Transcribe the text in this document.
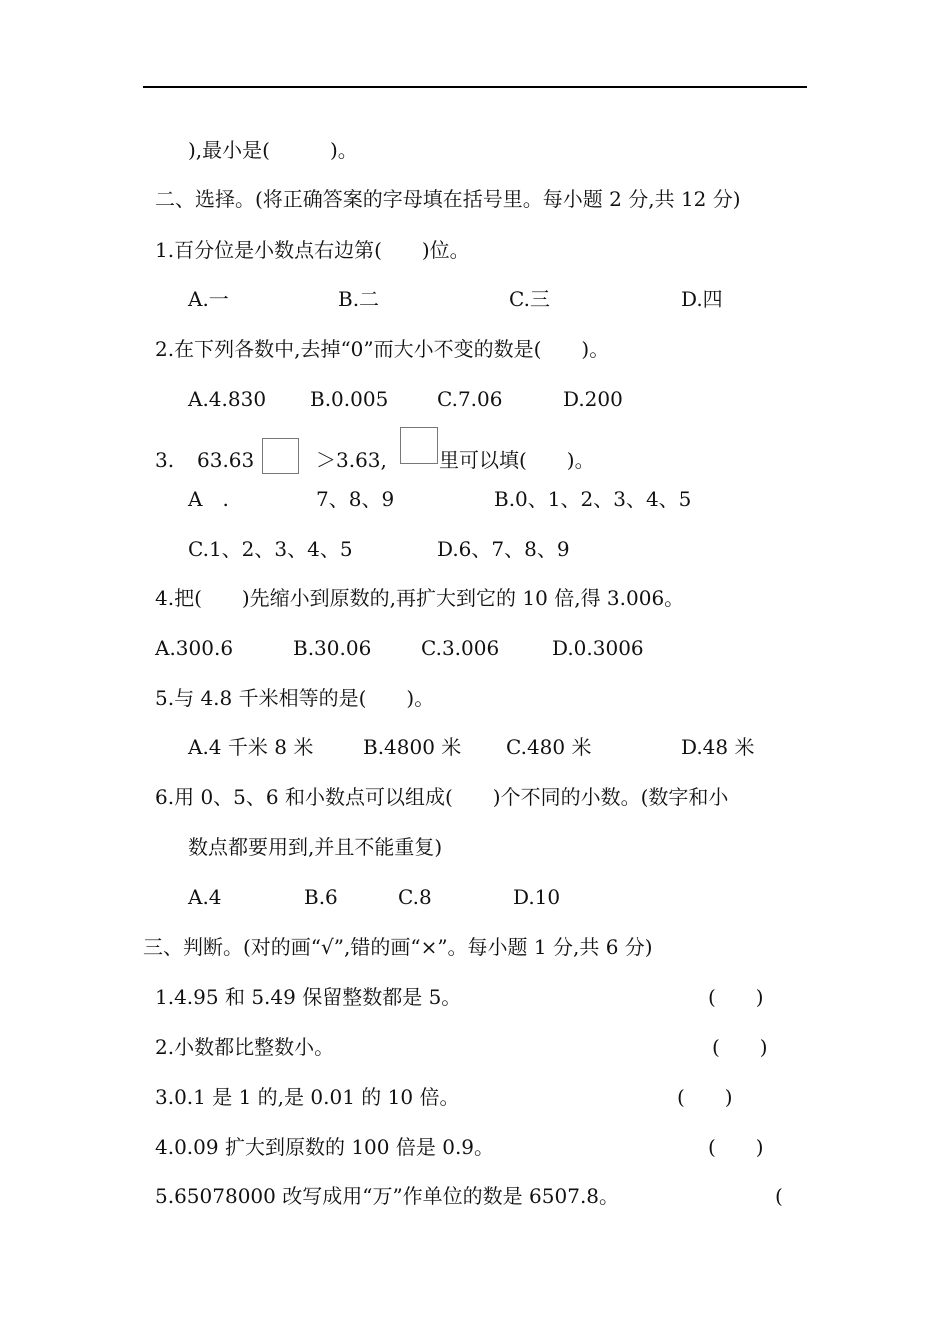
),最小是(　　　)。
二、选择。(将正确答案的字母填在括号里。每小题 2 分,共 12 分)
1.百分位是小数点右边第(　　)位。
A.一	B.二	C.三	D.四
2.在下列各数中,去掉“0”而大小不变的数是(　　)。
A.4.830 B.0.005 C.7.06	D.200
3. 63.63	＞3.63,	里可以填(　　)。
A　.	7、8、9	B.0、1、2、3、4、5
C.1、2、3、4、5	D.6、7、8、9
4.把(　　)先缩小到原数的,再扩大到它的 10 倍,得 3.006。
A.300.6	B.30.06 C.3.006	D.0.3006
5.与 4.8 千米相等的是(　　)。
A.4 千米 8 米 B.4800 米 C.480 米	D.48 米
6.用 0、5、6 和小数点可以组成(　　)个不同的小数。(数字和小
数点都要用到,并且不能重复)
A.4	B.6	C.8	D.10
三、判断。(对的画“√”,错的画“×”。每小题 1 分,共 6 分)
1.4.95 和 5.49 保留整数都是 5。	(　　)
2.小数都比整数小。	(　　)
3.0.1 是 1 的,是 0.01 的 10 倍。	(　　)
4.0.09 扩大到原数的 100 倍是 0.9。	(　　)
5.65078000 改写成用“万”作单位的数是 6507.8。	(
